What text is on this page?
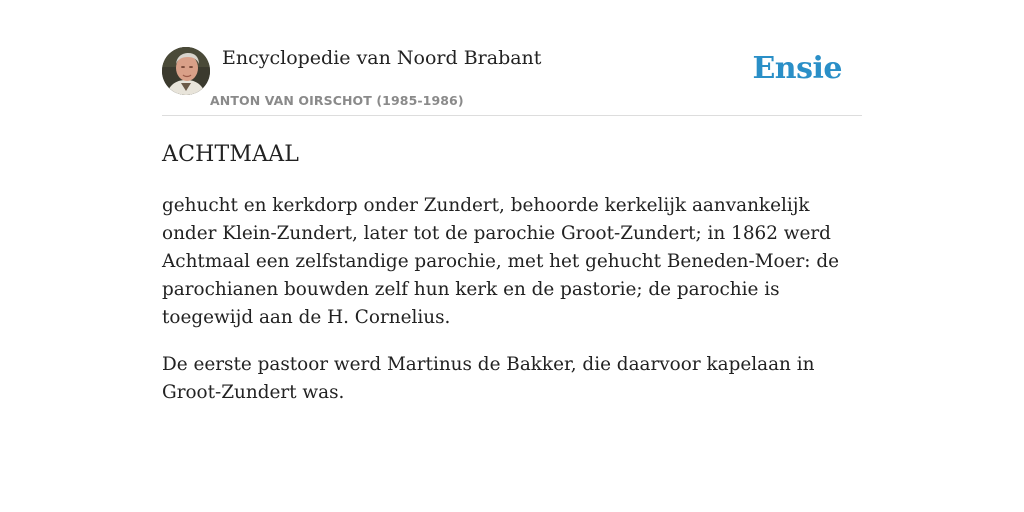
Encyclopedie van Noord Brabant
ANTON VAN OIRSCHOT (1985-1986)
Ensie
ACHTMAAL

gehucht en kerkdorp onder Zundert, behoorde kerkelijk aanvankelijk onder Klein-Zundert, later tot de parochie Groot-Zundert; in 1862 werd Achtmaal een zelfstandige parochie, met het gehucht Beneden-Moer: de parochianen bouwden zelf hun kerk en de pastorie; de parochie is toegewijd aan de H. Cornelius.

De eerste pastoor werd Martinus de Bakker, die daarvoor kapelaan in Groot-Zundert was.
